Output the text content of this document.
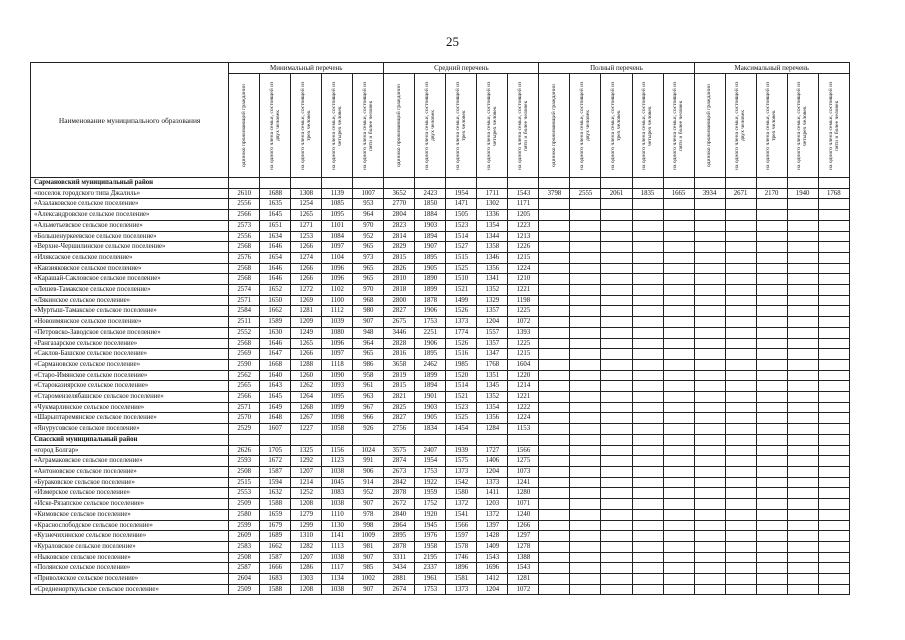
25
Наименование муниципального образования	Минимальный перечень					Средний перечень					Полный перечень					Максимальный перечень				

	одиноко проживающий гражданин	на одного члена семьи, состоящей из двух человек	на одного члена семьи, состоящей из трех человек	на одного члена семьи, состоящей из четырех человек	на одного члена семьи, состоящей из пяти и более человек	одиноко проживающий гражданин	на одного члена семьи, состоящей из двух человек	на одного члена семьи, состоящей из трех человек	на одного члена семьи, состоящей из четырех человек	на одного члена семьи, состоящей из пяти и более человек	одиноко проживающий гражданин	на одного члена семьи, состоящей из двух человек	на одного члена семьи, состоящей из трех человек	на одного члена семьи, состоящей из четырех человек	на одного члена семьи, состоящей из пяти и более человек	одиноко проживающий гражданин	на одного члена семьи, состоящей из двух человек	на одного члена семьи, состоящей из трех человек	на одного члена семьи, состоящей из четырех человек	на одного члена семьи, состоящей из пяти и более человек

Сармановский муниципальный район																				
«поселок городского типа Джалиль»	2610	1688	1308	1139	1007	3652	2423	1954	1711	1543	3798	2555	2061	1835	1665	3934	2671	2170	1940	1768
«Азалаковское сельское поселение»	2556	1635	1254	1085	953	2770	1850	1471	1302	1171										
«Александровское сельское поселение»	2566	1645	1265	1095	964	2804	1884	1505	1336	1205										
«Альметьевское сельское поселение»	2573	1651	1271	1101	970	2823	1903	1523	1354	1223										
«Большенуркеевское сельское поселение»	2556	1634	1253	1084	952	2814	1894	1514	1344	1213										
«Верхне-Чершилинское сельское поселение»	2568	1646	1266	1097	965	2829	1907	1527	1358	1226										
«Иляксаское сельское поселение»	2576	1654	1274	1104	973	2815	1895	1515	1346	1215										
«Кавзияковское сельское поселение»	2568	1646	1266	1096	965	2826	1905	1525	1356	1224										
«Карашай-Сакловское сельское поселение»	2568	1646	1266	1096	965	2810	1890	1510	1341	1210										
«Лешев-Тамакское сельское поселение»	2574	1652	1272	1102	970	2818	1899	1521	1352	1221										
«Лякинское сельское поселение»	2571	1650	1269	1100	968	2800	1878	1499	1329	1198										
«Муртыш-Тамакское сельское поселение»	2584	1662	1281	1112	980	2827	1906	1526	1357	1225										
«Новоимянское сельское поселение»	2511	1589	1209	1039	907	2675	1753	1373	1204	1072										
«Петровско-Заводское сельское поселение»	2552	1630	1249	1080	948	3446	2251	1774	1557	1393										
«Рангазарское сельское поселение»	2568	1646	1265	1096	964	2828	1906	1526	1357	1225										
«Саклов-Башское сельское поселение»	2569	1647	1266	1097	965	2816	1895	1516	1347	1215										
«Сармановское сельское поселение»	2590	1668	1288	1118	986	3658	2462	1985	1768	1604										
«Старо-Имянское сельское поселение»	2562	1640	1260	1090	958	2819	1899	1520	1351	1220										
«Староказиярское сельское поселение»	2565	1643	1262	1093	961	2815	1894	1514	1345	1214										
«Старомензелябашское сельское поселение»	2566	1645	1264	1095	963	2821	1901	1521	1352	1221										
«Чукмарлинское сельское поселение»	2571	1649	1268	1099	967	2825	1903	1523	1354	1222										
«Шарыптаремянское сельское поселение»	2570	1648	1267	1098	966	2827	1905	1525	1356	1224										
«Янурусовское сельское поселение»	2529	1607	1227	1058	926	2756	1834	1454	1284	1153										
Спасский муниципальный район																				
«город Болгар»	2626	1705	1325	1156	1024	3575	2407	1939	1727	1566										
«Аграмаковское сельское поселение»	2593	1672	1292	1123	991	2874	1954	1575	1406	1275										
«Антоновское сельское поселение»	2508	1587	1207	1038	906	2673	1753	1373	1204	1073										
«Бураковское сельское поселение»	2515	1594	1214	1045	914	2842	1922	1542	1373	1241										
«Измерское сельское поселение»	2553	1632	1252	1083	952	2878	1959	1580	1411	1280										
«Иске-Рязапское сельское поселение»	2509	1588	1208	1038	907	2672	1752	1372	1203	1071										
«Кимовское сельское поселение»	2580	1659	1279	1110	978	2840	1920	1541	1372	1240										
«Краснослободское сельское поселение»	2599	1679	1299	1130	998	2864	1945	1566	1397	1266										
«Кузнечихинское сельское поселение»	2609	1689	1310	1141	1009	2895	1976	1597	1428	1297										
«Кураловское сельское поселение»	2583	1662	1282	1113	981	2878	1958	1578	1409	1278										
«Ныковское сельское поселение»	2508	1587	1207	1038	907	3311	2195	1746	1543	1388										
«Полянское сельское поселение»	2587	1666	1286	1117	985	3434	2337	1896	1696	1543										
«Приволжское сельское поселение»	2604	1683	1303	1134	1002	2881	1961	1581	1412	1281										
«Средненорткульское сельское поселение»	2509	1588	1208	1038	907	2674	1753	1373	1204	1072										
